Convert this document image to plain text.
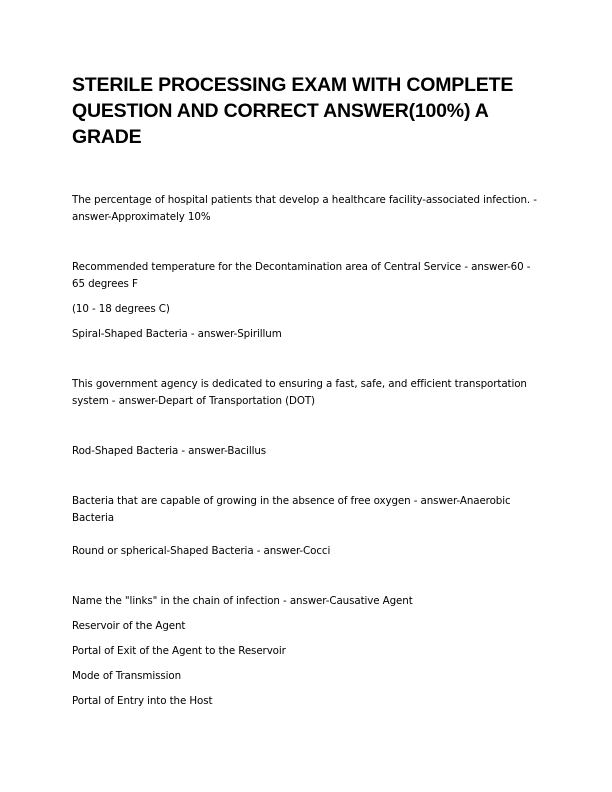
STERILE PROCESSING EXAM WITH COMPLETE QUESTION AND CORRECT ANSWER(100%) A GRADE

The percentage of hospital patients that develop a healthcare facility-associated infection. - answer-Approximately 10%

Recommended temperature for the Decontamination area of Central Service - answer-60 - 65 degrees F

(10 - 18 degrees C)

Spiral-Shaped Bacteria - answer-Spirillum

This government agency is dedicated to ensuring a fast, safe, and efficient transportation system - answer-Depart of Transportation (DOT)

Rod-Shaped Bacteria - answer-Bacillus

Bacteria that are capable of growing in the absence of free oxygen - answer-Anaerobic Bacteria

Round or spherical-Shaped Bacteria - answer-Cocci

Name the "links" in the chain of infection - answer-Causative Agent

Reservoir of the Agent

Portal of Exit of the Agent to the Reservoir

Mode of Transmission

Portal of Entry into the Host
